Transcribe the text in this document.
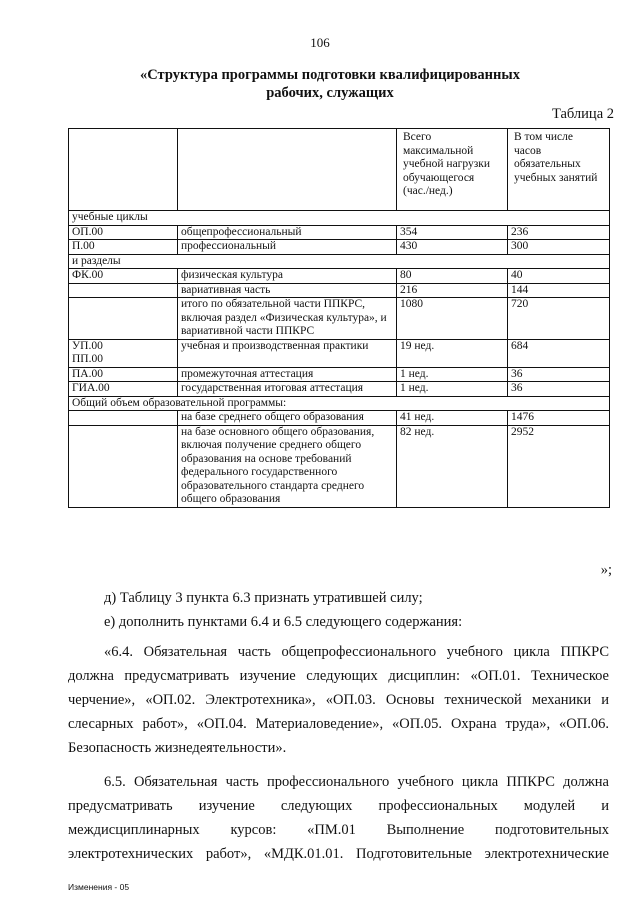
106
«Структура программы подготовки квалифицированных рабочих, служащих
Таблица 2
		Всего максимальной учебной нагрузки обучающегося (час./нед.)	В том числе часов обязательных учебных занятий
учебные циклы			
ОП.00	общепрофессиональный	354	236
П.00	профессиональный	430	300
и разделы			
ФК.00	физическая культура	80	40
	вариативная часть	216	144
	итого по обязательной части ППКРС, включая раздел «Физическая культура», и вариативной части ППКРС	1080	720
УП.00
ПП.00	учебная и производственная практики	19 нед.	684
ПА.00	промежуточная аттестация	1 нед.	36
ГИА.00	государственная итоговая аттестация	1 нед.	36
Общий объем образовательной программы:			
	на базе среднего общего образования	41 нед.	1476
	на базе основного общего образования, включая получение среднего общего образования на основе требований федерального государственного образовательного стандарта среднего общего образования	82 нед.	2952
»;

д) Таблицу 3 пункта 6.3 признать утратившей силу;

е) дополнить пунктами 6.4 и 6.5 следующего содержания:

«6.4. Обязательная часть общепрофессионального учебного цикла ППКРС должна предусматривать изучение следующих дисциплин: «ОП.01. Техническое черчение», «ОП.02. Электротехника», «ОП.03. Основы технической механики и слесарных работ», «ОП.04. Материаловедение», «ОП.05. Охрана труда», «ОП.06. Безопасность жизнедеятельности».

6.5. Обязательная часть профессионального учебного цикла ППКРС должна предусматривать изучение следующих профессиональных модулей и междисциплинарных курсов: «ПМ.01 Выполнение подготовительных электротехнических работ», «МДК.01.01. Подготовительные электротехнические

Изменения - 05
